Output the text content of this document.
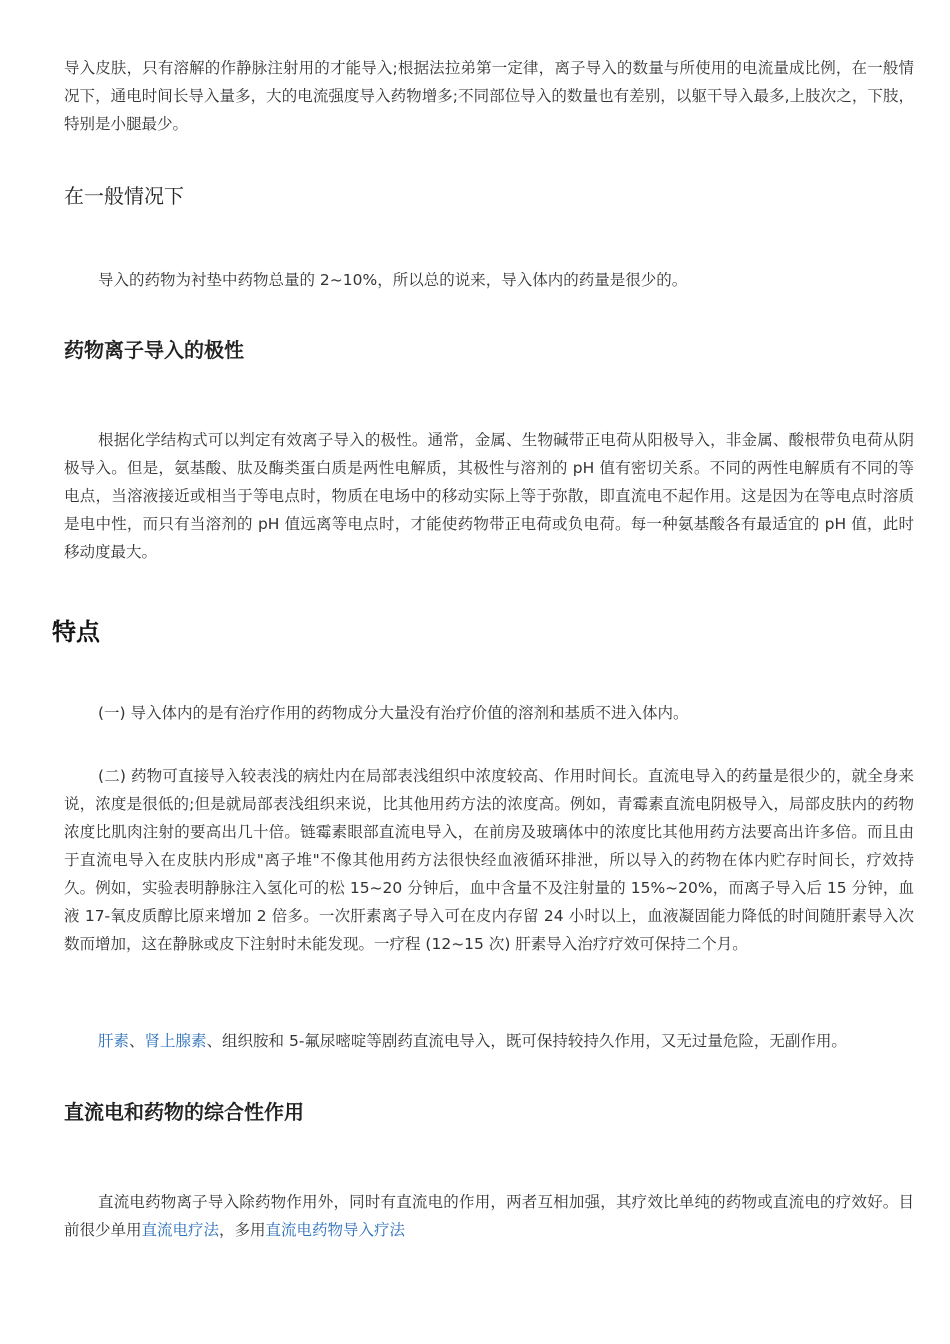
导入皮肤，只有溶解的作静脉注射用的才能导入;根据法拉弟第一定律，离子导入的数量与所使用的电流量成比例，在一般情况下，通电时间长导入量多，大的电流强度导入药物增多;不同部位导入的数量也有差别，以躯干导入最多,上肢次之，下肢，特别是小腿最少。

在一般情况下

导入的药物为衬垫中药物总量的 2~10%，所以总的说来，导入体内的药量是很少的。

药物离子导入的极性

根据化学结构式可以判定有效离子导入的极性。通常，金属、生物碱带正电荷从阳极导入，非金属、酸根带负电荷从阴极导入。但是，氨基酸、肽及酶类蛋白质是两性电解质，其极性与溶剂的 pH 值有密切关系。不同的两性电解质有不同的等电点，当溶液接近或相当于等电点时，物质在电场中的移动实际上等于弥散，即直流电不起作用。这是因为在等电点时溶质是电中性，而只有当溶剂的 pH 值远离等电点时，才能使药物带正电荷或负电荷。每一种氨基酸各有最适宜的 pH 值，此时移动度最大。

特点

(一) 导入体内的是有治疗作用的药物成分大量没有治疗价值的溶剂和基质不进入体内。

(二) 药物可直接导入较表浅的病灶内在局部表浅组织中浓度较高、作用时间长。直流电导入的药量是很少的，就全身来说，浓度是很低的;但是就局部表浅组织来说，比其他用药方法的浓度高。例如，青霉素直流电阴极导入，局部皮肤内的药物浓度比肌肉注射的要高出几十倍。链霉素眼部直流电导入，在前房及玻璃体中的浓度比其他用药方法要高出许多倍。而且由于直流电导入在皮肤内形成"离子堆"不像其他用药方法很快经血液循环排泄，所以导入的药物在体内贮存时间长，疗效持久。例如，实验表明静脉注入氢化可的松 15~20 分钟后，血中含量不及注射量的 15%~20%，而离子导入后 15 分钟，血液 17-氧皮质醇比原来增加 2 倍多。一次肝素离子导入可在皮内存留 24 小时以上，血液凝固能力降低的时间随肝素导入次数而增加，这在静脉或皮下注射时未能发现。一疗程 (12~15 次) 肝素导入治疗疗效可保持二个月。

肝素、肾上腺素、组织胺和 5-氟尿嘧啶等剧药直流电导入，既可保持较持久作用，又无过量危险，无副作用。

直流电和药物的综合性作用

直流电药物离子导入除药物作用外，同时有直流电的作用，两者互相加强，其疗效比单纯的药物或直流电的疗效好。目前很少单用直流电疗法，多用直流电药物导入疗法
